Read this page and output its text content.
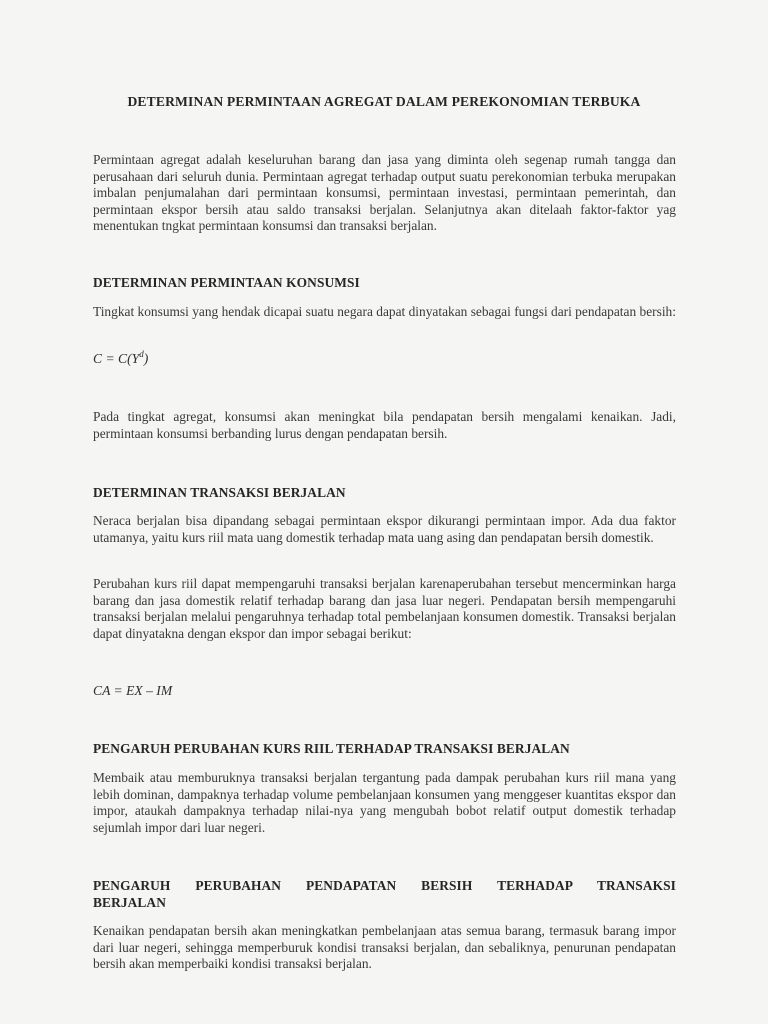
DETERMINAN PERMINTAAN AGREGAT DALAM PEREKONOMIAN TERBUKA
Permintaan agregat adalah keseluruhan barang dan jasa yang diminta oleh segenap rumah tangga dan perusahaan dari seluruh dunia. Permintaan agregat terhadap output suatu perekonomian terbuka merupakan imbalan penjumalahan dari permintaan konsumsi, permintaan investasi, permintaan pemerintah, dan permintaan ekspor bersih atau saldo transaksi berjalan. Selanjutnya akan ditelaah faktor-faktor yag menentukan tngkat permintaan konsumsi dan transaksi berjalan.
DETERMINAN PERMINTAAN KONSUMSI
Tingkat konsumsi yang hendak dicapai suatu negara dapat dinyatakan sebagai fungsi dari pendapatan bersih:
$C = C(Y^d)$
Pada tingkat agregat, konsumsi akan meningkat bila pendapatan bersih mengalami kenaikan. Jadi, permintaan konsumsi berbanding lurus dengan pendapatan bersih.
DETERMINAN TRANSAKSI BERJALAN
Neraca berjalan bisa dipandang sebagai permintaan ekspor dikurangi permintaan impor. Ada dua faktor utamanya, yaitu kurs riil mata uang domestik terhadap mata uang asing dan pendapatan bersih domestik.
Perubahan kurs riil dapat mempengaruhi transaksi berjalan karenaperubahan tersebut mencerminkan harga barang dan jasa domestik relatif terhadap barang dan jasa luar negeri. Pendapatan bersih mempengaruhi transaksi berjalan melalui pengaruhnya terhadap total pembelanjaan konsumen domestik. Transaksi berjalan dapat dinyatakna dengan ekspor dan impor sebagai berikut:
CA = EX – IM
PENGARUH PERUBAHAN KURS RIIL TERHADAP TRANSAKSI BERJALAN
Membaik atau memburuknya transaksi berjalan tergantung pada dampak perubahan kurs riil mana yang lebih dominan, dampaknya terhadap volume pembelanjaan konsumen yang menggeser kuantitas ekspor dan impor, ataukah dampaknya terhadap nilai-nya yang mengubah bobot relatif output domestik terhadap sejumlah impor dari luar negeri.
PENGARUH PERUBAHAN PENDAPATAN BERSIH TERHADAP TRANSAKSI
BERJALAN
Kenaikan pendapatan bersih akan meningkatkan pembelanjaan atas semua barang, termasuk barang impor dari luar negeri, sehingga memperburuk kondisi transaksi berjalan, dan sebaliknya, penurunan pendapatan bersih akan memperbaiki kondisi transaksi berjalan.
